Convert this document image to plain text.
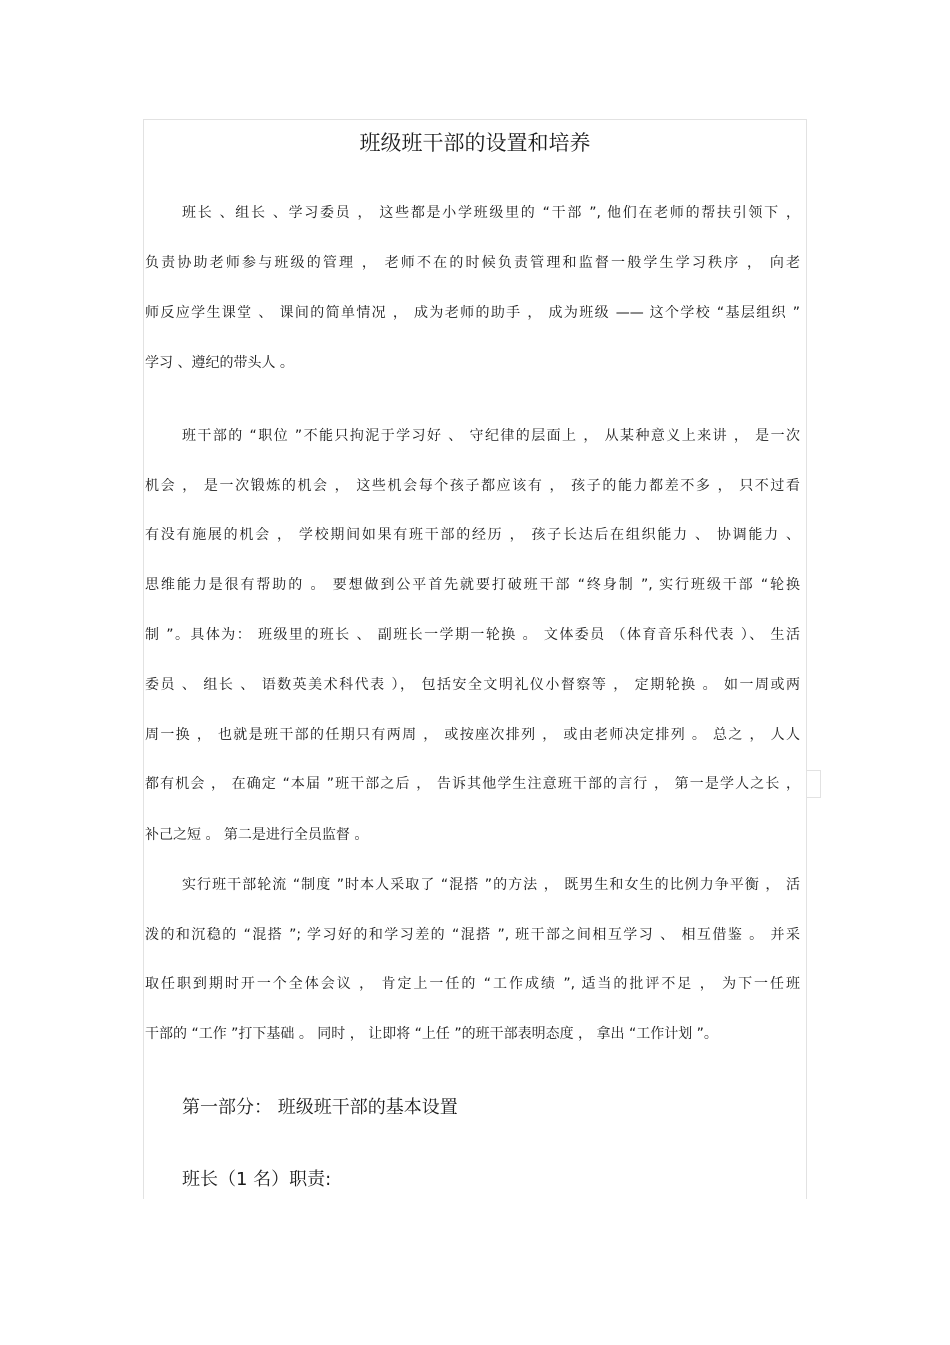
班级班干部的设置和培养

班长 、组长 、学习委员 ， 这些都是小学班级里的 “干部 ”, 他们在老师的帮扶引领下 ，

负责协助老师参与班级的管理 ， 老师不在的时候负责管理和监督一般学生学习秩序 ， 向老

师反应学生课堂 、 课间的简单情况 ， 成为老师的助手 ， 成为班级 —— 这个学校 “基层组织 ”

学习 、遵纪的带头人 。

班干部的 “职位 ”不能只拘泥于学习好 、 守纪律的层面上 ， 从某种意义上来讲 ， 是一次

机会 ， 是一次锻炼的机会 ， 这些机会每个孩子都应该有 ， 孩子的能力都差不多 ， 只不过看

有没有施展的机会 ， 学校期间如果有班干部的经历 ， 孩子长达后在组织能力 、 协调能力 、

思维能力是很有帮助的 。 要想做到公平首先就要打破班干部 “终身制 ”, 实行班级干部 “轮换

制 ”。具体为： 班级里的班长 、 副班长一学期一轮换 。 文体委员 （体育音乐科代表 ）、 生活

委员 、 组长 、 语数英美术科代表 ）， 包括安全文明礼仪小督察等 ， 定期轮换 。 如一周或两

周一换 ， 也就是班干部的任期只有两周 ， 或按座次排列 ， 或由老师决定排列 。 总之 ， 人人

都有机会 ， 在确定 “本届 ”班干部之后 ， 告诉其他学生注意班干部的言行 ， 第一是学人之长 ，

补己之短 。 第二是进行全员监督 。

实行班干部轮流 “制度 ”时本人采取了 “混搭 ”的方法 ， 既男生和女生的比例力争平衡 ， 活

泼的和沉稳的 “混搭 ”; 学习好的和学习差的 “混搭 ”, 班干部之间相互学习 、 相互借鉴 。 并采

取任职到期时开一个全体会议 ， 肯定上一任的 “工作成绩 ”, 适当的批评不足 ， 为下一任班

干部的 “工作 ”打下基础 。 同时 ， 让即将 “上任 ”的班干部表明态度 ， 拿出 “工作计划 ”。

第一部分： 班级班干部的基本设置
班长（1 名）职责:
